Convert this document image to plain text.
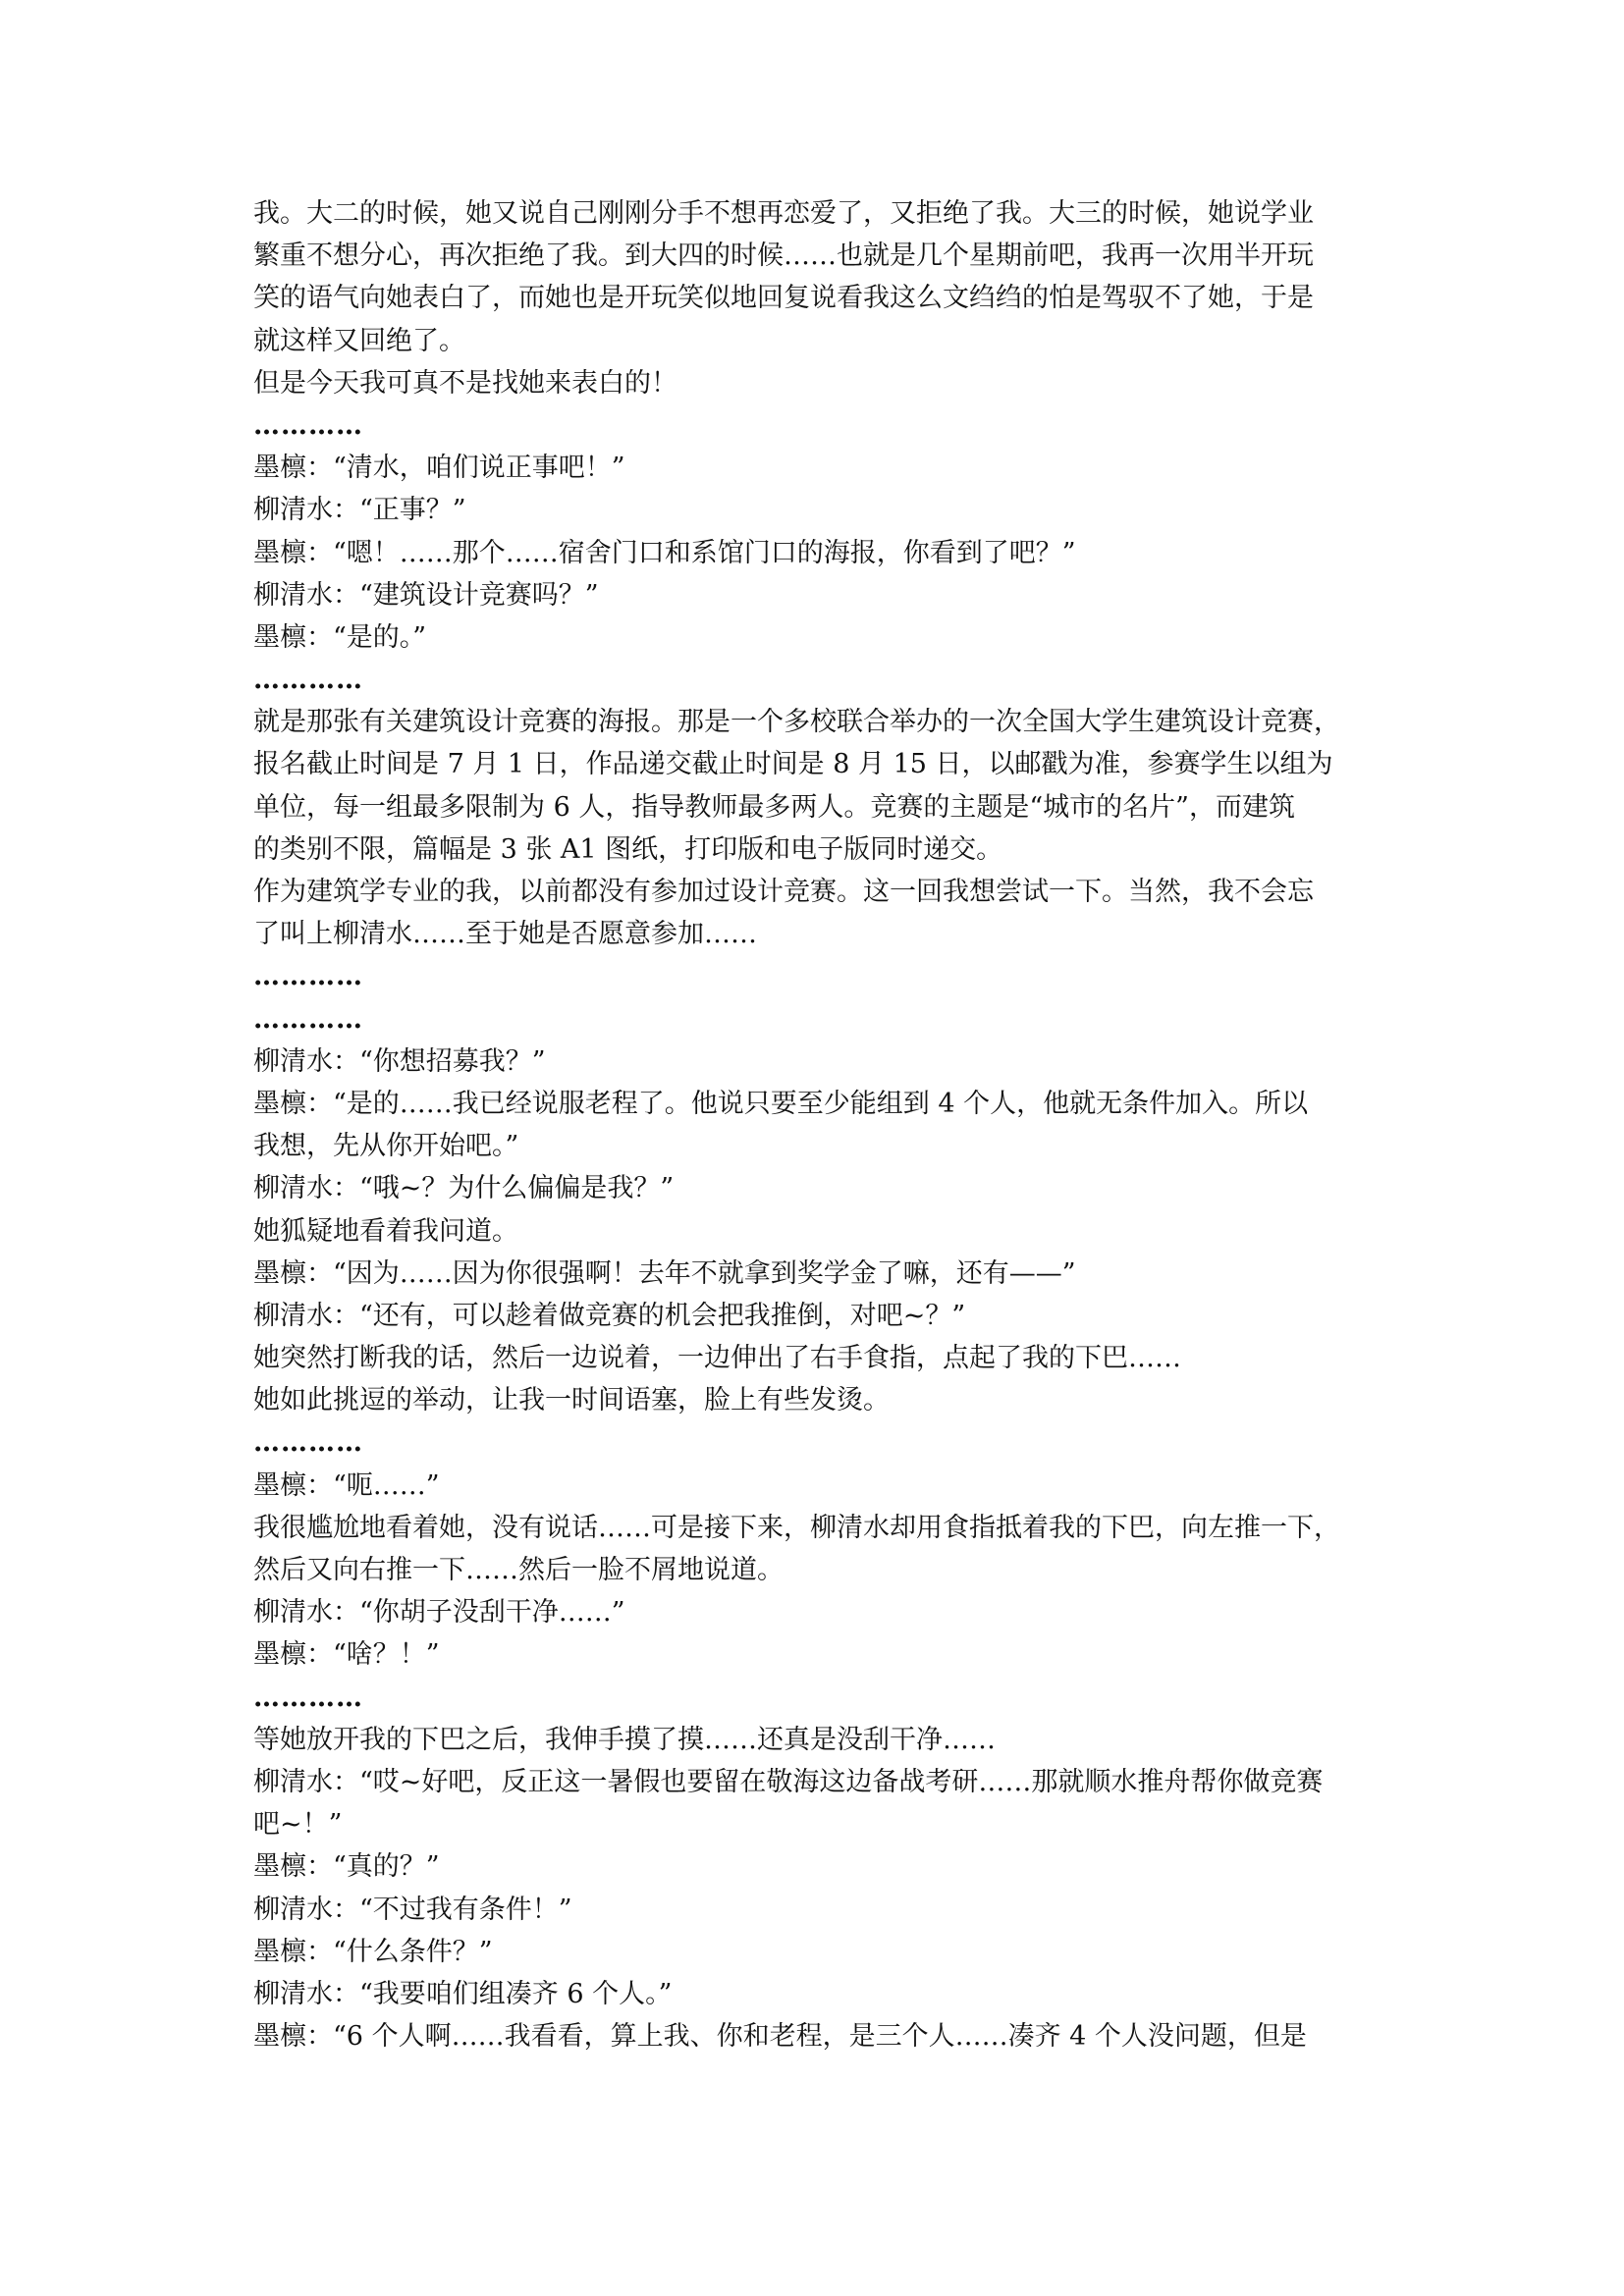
我。大二的时候，她又说自己刚刚分手不想再恋爱了，又拒绝了我。大三的时候，她说学业
繁重不想分心，再次拒绝了我。到大四的时候……也就是几个星期前吧，我再一次用半开玩
笑的语气向她表白了，而她也是开玩笑似地回复说看我这么文绉绉的怕是驾驭不了她，于是
就这样又回绝了。
但是今天我可真不是找她来表白的！
…………
墨檩：“清水，咱们说正事吧！”
柳清水：“正事？”
墨檩：“嗯！……那个……宿舍门口和系馆门口的海报，你看到了吧？”
柳清水：“建筑设计竞赛吗？”
墨檩：“是的。”
…………
就是那张有关建筑设计竞赛的海报。那是一个多校联合举办的一次全国大学生建筑设计竞赛，
报名截止时间是 7 月 1 日，作品递交截止时间是 8 月 15 日，以邮戳为准，参赛学生以组为
单位，每一组最多限制为 6 人，指导教师最多两人。竞赛的主题是“城市的名片”，而建筑
的类别不限，篇幅是 3 张 A1 图纸，打印版和电子版同时递交。
作为建筑学专业的我，以前都没有参加过设计竞赛。这一回我想尝试一下。当然，我不会忘
了叫上柳清水……至于她是否愿意参加……
…………
…………
柳清水：“你想招募我？”
墨檩：“是的……我已经说服老程了。他说只要至少能组到 4 个人，他就无条件加入。所以
我想，先从你开始吧。”
柳清水：“哦~？为什么偏偏是我？”
她狐疑地看着我问道。
墨檩：“因为……因为你很强啊！去年不就拿到奖学金了嘛，还有——”
柳清水：“还有，可以趁着做竞赛的机会把我推倒，对吧~？”
她突然打断我的话，然后一边说着，一边伸出了右手食指，点起了我的下巴……
她如此挑逗的举动，让我一时间语塞，脸上有些发烫。
…………
墨檩：“呃……”
我很尴尬地看着她，没有说话……可是接下来，柳清水却用食指抵着我的下巴，向左推一下，
然后又向右推一下……然后一脸不屑地说道。
柳清水：“你胡子没刮干净……”
墨檩：“啥？！”
…………
等她放开我的下巴之后，我伸手摸了摸……还真是没刮干净……
柳清水：“哎~好吧，反正这一暑假也要留在敬海这边备战考研……那就顺水推舟帮你做竞赛
吧~！”
墨檩：“真的？”
柳清水：“不过我有条件！”
墨檩：“什么条件？”
柳清水：“我要咱们组凑齐 6 个人。”
墨檩：“6 个人啊……我看看，算上我、你和老程，是三个人……凑齐 4 个人没问题，但是
